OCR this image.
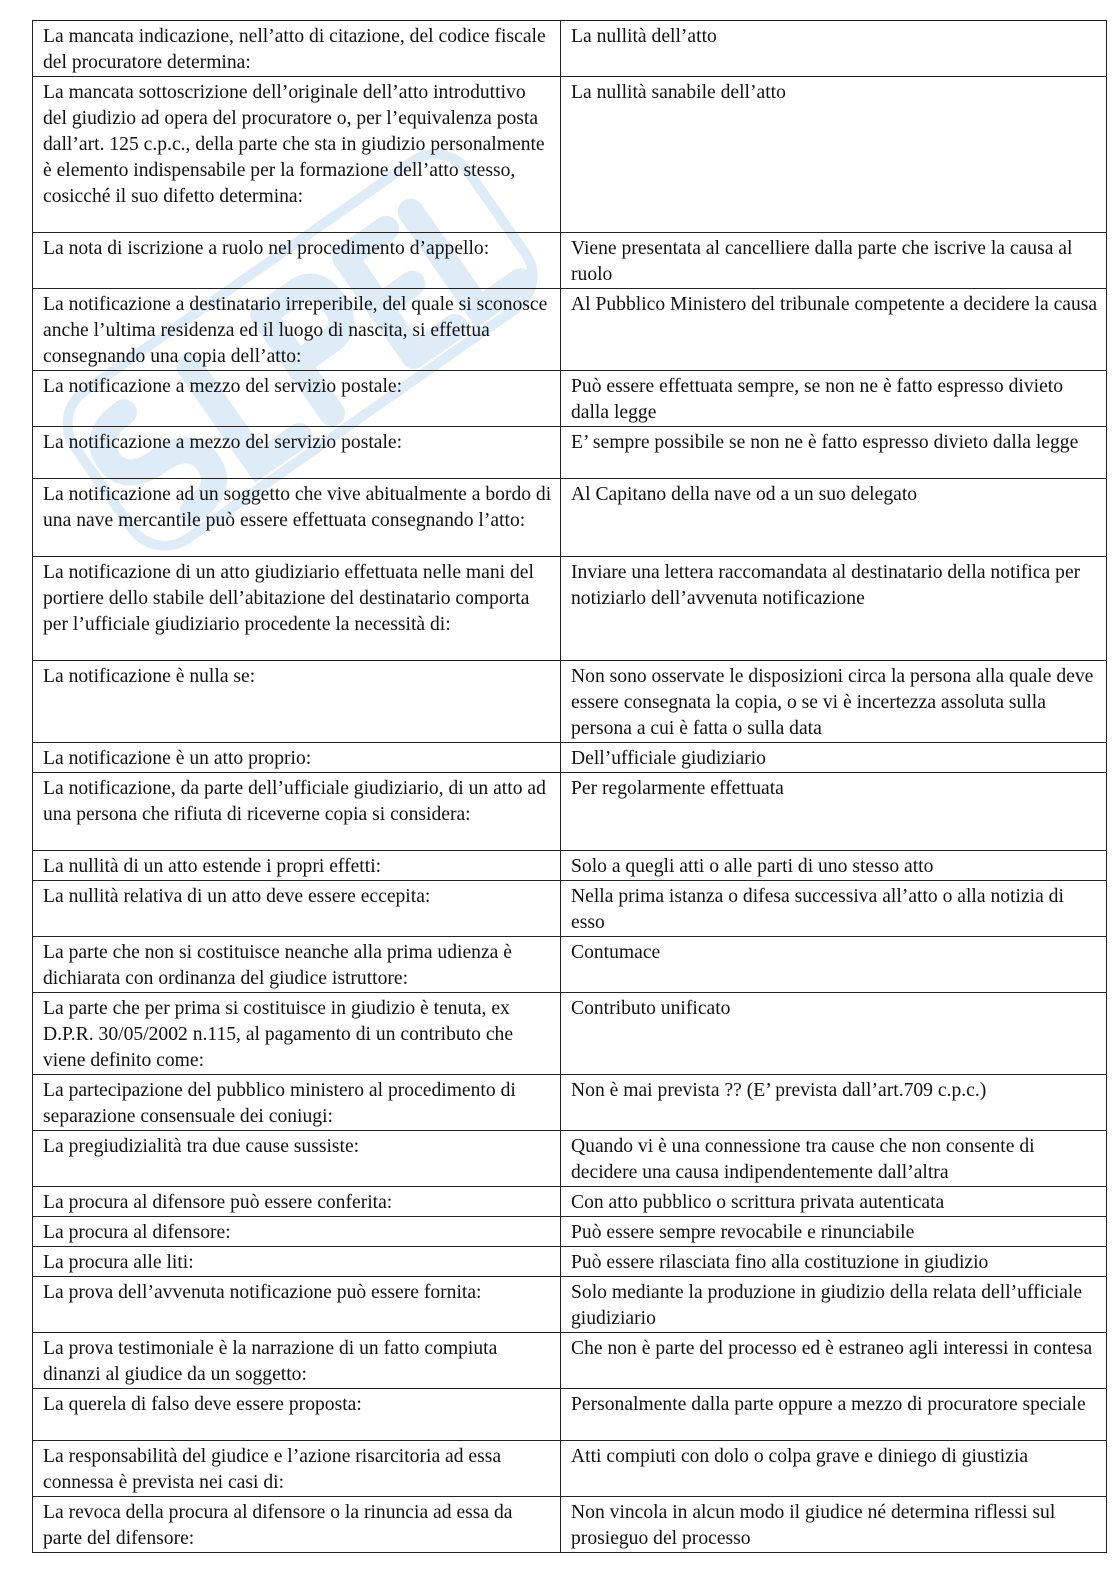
La mancata indicazione, nell’atto di citazione, del codice fiscale del procuratore determina:	La nullità dell’atto
La mancata sottoscrizione dell’originale dell’atto introduttivo del giudizio ad opera del procuratore o, per l’equivalenza posta dall’art. 125 c.p.c., della parte che sta in giudizio personalmente è elemento indispensabile per la formazione dell’atto stesso, cosicché il suo difetto determina:	La nullità sanabile dell’atto
La nota di iscrizione a ruolo nel procedimento d’appello:	Viene presentata al cancelliere dalla parte che iscrive la causa al ruolo
La notificazione a destinatario irreperibile, del quale si sconosce anche l’ultima residenza ed il luogo di nascita, si effettua consegnando una copia dell’atto:	Al Pubblico Ministero del tribunale competente a decidere la causa
La notificazione a mezzo del servizio postale:	Può essere effettuata sempre, se non ne è fatto espresso divieto dalla legge
La notificazione a mezzo del servizio postale:	E’ sempre possibile se non ne è fatto espresso divieto dalla legge
La notificazione ad un soggetto che vive abitualmente a bordo di una nave mercantile può essere effettuata consegnando l’atto:	Al Capitano della nave od a un suo delegato
La notificazione di un atto giudiziario effettuata nelle mani del portiere dello stabile dell’abitazione del destinatario comporta per l’ufficiale giudiziario procedente la necessità di:	Inviare una lettera raccomandata al destinatario della notifica per notiziarlo dell’avvenuta notificazione
La notificazione è nulla se:	Non sono osservate le disposizioni circa la persona alla quale deve essere consegnata la copia, o se vi è incertezza assoluta sulla persona a cui è fatta o sulla data
La notificazione è un atto proprio:	Dell’ufficiale giudiziario
La notificazione, da parte dell’ufficiale giudiziario, di un atto ad una persona che rifiuta di riceverne copia si considera:	Per regolarmente effettuata
La nullità di un atto estende i propri effetti:	Solo a quegli atti o alle parti di uno stesso atto
La nullità relativa di un atto deve essere eccepita:	Nella prima istanza o difesa successiva all’atto o alla notizia di esso
La parte che non si costituisce neanche alla prima udienza è dichiarata con ordinanza del giudice istruttore:	Contumace
La parte che per prima si costituisce in giudizio è tenuta, ex D.P.R. 30/05/2002 n.115, al pagamento di un contributo che viene definito come:	Contributo unificato
La partecipazione del pubblico ministero al procedimento di separazione consensuale dei coniugi:	Non è mai prevista ?? (E’ prevista dall’art.709 c.p.c.)
La pregiudizialità tra due cause sussiste:	Quando vi è una connessione tra cause che non consente di decidere una causa indipendentemente dall’altra
La procura al difensore può essere conferita:	Con atto pubblico o scrittura privata autenticata
La procura al difensore:	Può essere sempre revocabile e rinunciabile
La procura alle liti:	Può essere rilasciata fino alla costituzione in giudizio
La prova dell’avvenuta notificazione può essere fornita:	Solo mediante la produzione in giudizio della relata dell’ufficiale giudiziario
La prova testimoniale è la narrazione di un fatto compiuta dinanzi al giudice da un soggetto:	Che non è parte del processo ed è estraneo agli interessi in contesa
La querela di falso deve essere proposta:	Personalmente dalla parte oppure a mezzo di procuratore speciale
La responsabilità del giudice e l’azione risarcitoria ad essa connessa è prevista nei casi di:	Atti compiuti con dolo o colpa grave e diniego di giustizia
La revoca della procura al difensore o la rinuncia ad essa da parte del difensore:	Non vincola in alcun modo il giudice né determina riflessi sul prosieguo del processo
